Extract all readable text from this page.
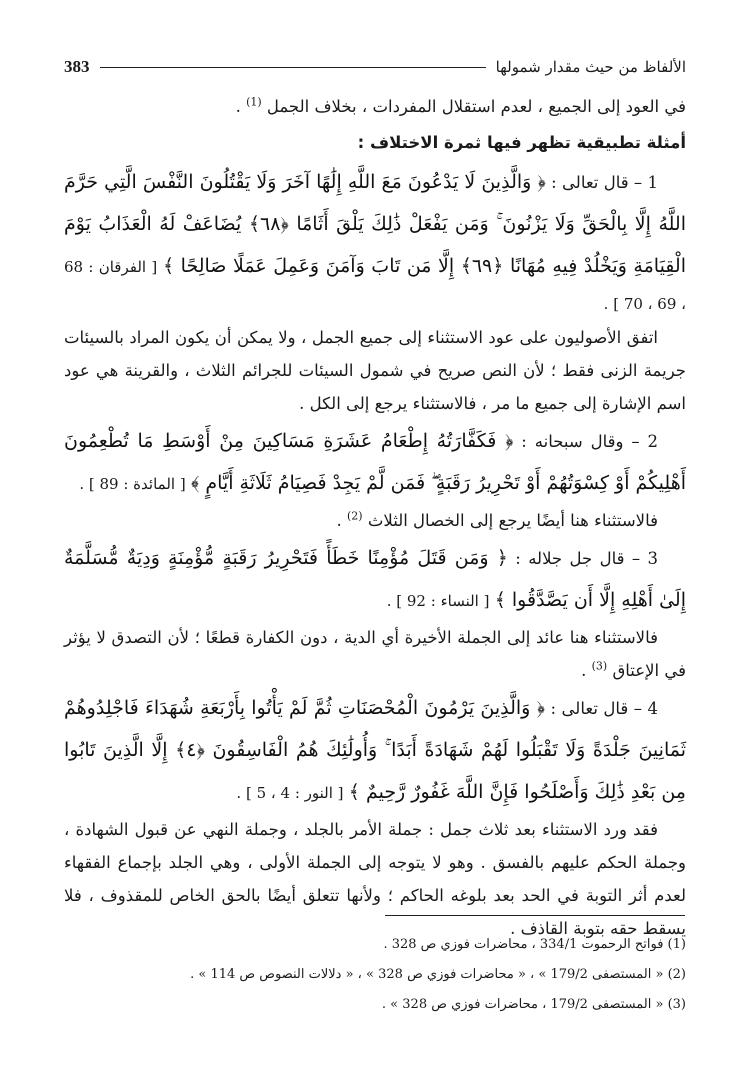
الألفاظ من حيث مقدار شمولها
383

في العود إلى الجميع ، لعدم استقلال المفردات ، بخلاف الجمل $^{(1)}$ .

أمثلة تطبيقية تظهر فيها ثمرة الاختلاف :

1 – قال تعالى : ﴿ وَالَّذِينَ لَا يَدْعُونَ مَعَ اللَّهِ إِلَٰهًا آخَرَ وَلَا يَقْتُلُونَ النَّفْسَ الَّتِي حَرَّمَ اللَّهُ إِلَّا بِالْحَقِّ وَلَا يَزْنُونَ ۚ وَمَن يَفْعَلْ ذَٰلِكَ يَلْقَ أَثَامًا ﴿٦٨﴾ يُضَاعَفْ لَهُ الْعَذَابُ يَوْمَ الْقِيَامَةِ وَيَخْلُدْ فِيهِ مُهَانًا ﴿٦٩﴾ إِلَّا مَن تَابَ وَآمَنَ وَعَمِلَ عَمَلًا صَالِحًا ﴾ [ الفرقان : 68 ، 69 ، 70 ] .

اتفق الأصوليون على عود الاستثناء إلى جميع الجمل ، ولا يمكن أن يكون المراد بالسيئات جريمة الزنى فقط ؛ لأن النص صريح في شمول السيئات للجرائم الثلاث ، والقرينة هي عود اسم الإشارة إلى جميع ما مر ، فالاستثناء يرجع إلى الكل .

2 – وقال سبحانه : ﴿ فَكَفَّارَتُهُ إِطْعَامُ عَشَرَةِ مَسَاكِينَ مِنْ أَوْسَطِ مَا تُطْعِمُونَ أَهْلِيكُمْ أَوْ كِسْوَتُهُمْ أَوْ تَحْرِيرُ رَقَبَةٍ ۖ فَمَن لَّمْ يَجِدْ فَصِيَامُ ثَلَاثَةِ أَيَّامٍ ﴾ [ المائدة : 89 ] .

فالاستثناء هنا أيضًا يرجع إلى الخصال الثلاث $^{(2)}$ .

3 – قال جل جلاله : ﴿ وَمَن قَتَلَ مُؤْمِنًا خَطَأً فَتَحْرِيرُ رَقَبَةٍ مُّؤْمِنَةٍ وَدِيَةٌ مُّسَلَّمَةٌ إِلَىٰ أَهْلِهِ إِلَّا أَن يَصَّدَّقُوا ﴾ [ النساء : 92 ] .

فالاستثناء هنا عائد إلى الجملة الأخيرة أي الدية ، دون الكفارة قطعًا ؛ لأن التصدق لا يؤثر في الإعتاق $^{(3)}$ .

4 – قال تعالى : ﴿ وَالَّذِينَ يَرْمُونَ الْمُحْصَنَاتِ ثُمَّ لَمْ يَأْتُوا بِأَرْبَعَةِ شُهَدَاءَ فَاجْلِدُوهُمْ ثَمَانِينَ جَلْدَةً وَلَا تَقْبَلُوا لَهُمْ شَهَادَةً أَبَدًا ۚ وَأُولَٰئِكَ هُمُ الْفَاسِقُونَ ﴿٤﴾ إِلَّا الَّذِينَ تَابُوا مِن بَعْدِ ذَٰلِكَ وَأَصْلَحُوا فَإِنَّ اللَّهَ غَفُورٌ رَّحِيمٌ ﴾ [ النور : 4 ، 5 ] .

فقد ورد الاستثناء بعد ثلاث جمل : جملة الأمر بالجلد ، وجملة النهي عن قبول الشهادة ، وجملة الحكم عليهم بالفسق . وهو لا يتوجه إلى الجملة الأولى ، وهي الجلد بإجماع الفقهاء لعدم أثر التوبة في الحد بعد بلوغه الحاكم ؛ ولأنها تتعلق أيضًا بالحق الخاص للمقذوف ، فلا يسقط حقه بتوبة القاذف .

(1) فواتح الرحموت 334/1 ، محاضرات فوزي ص 328 .
(2) « المستصفى 179/2 » ، « محاضرات فوزي ص 328 » ، « دلالات النصوص ص 114 » .
(3) « المستصفى 179/2 ، محاضرات فوزي ص 328 » .
